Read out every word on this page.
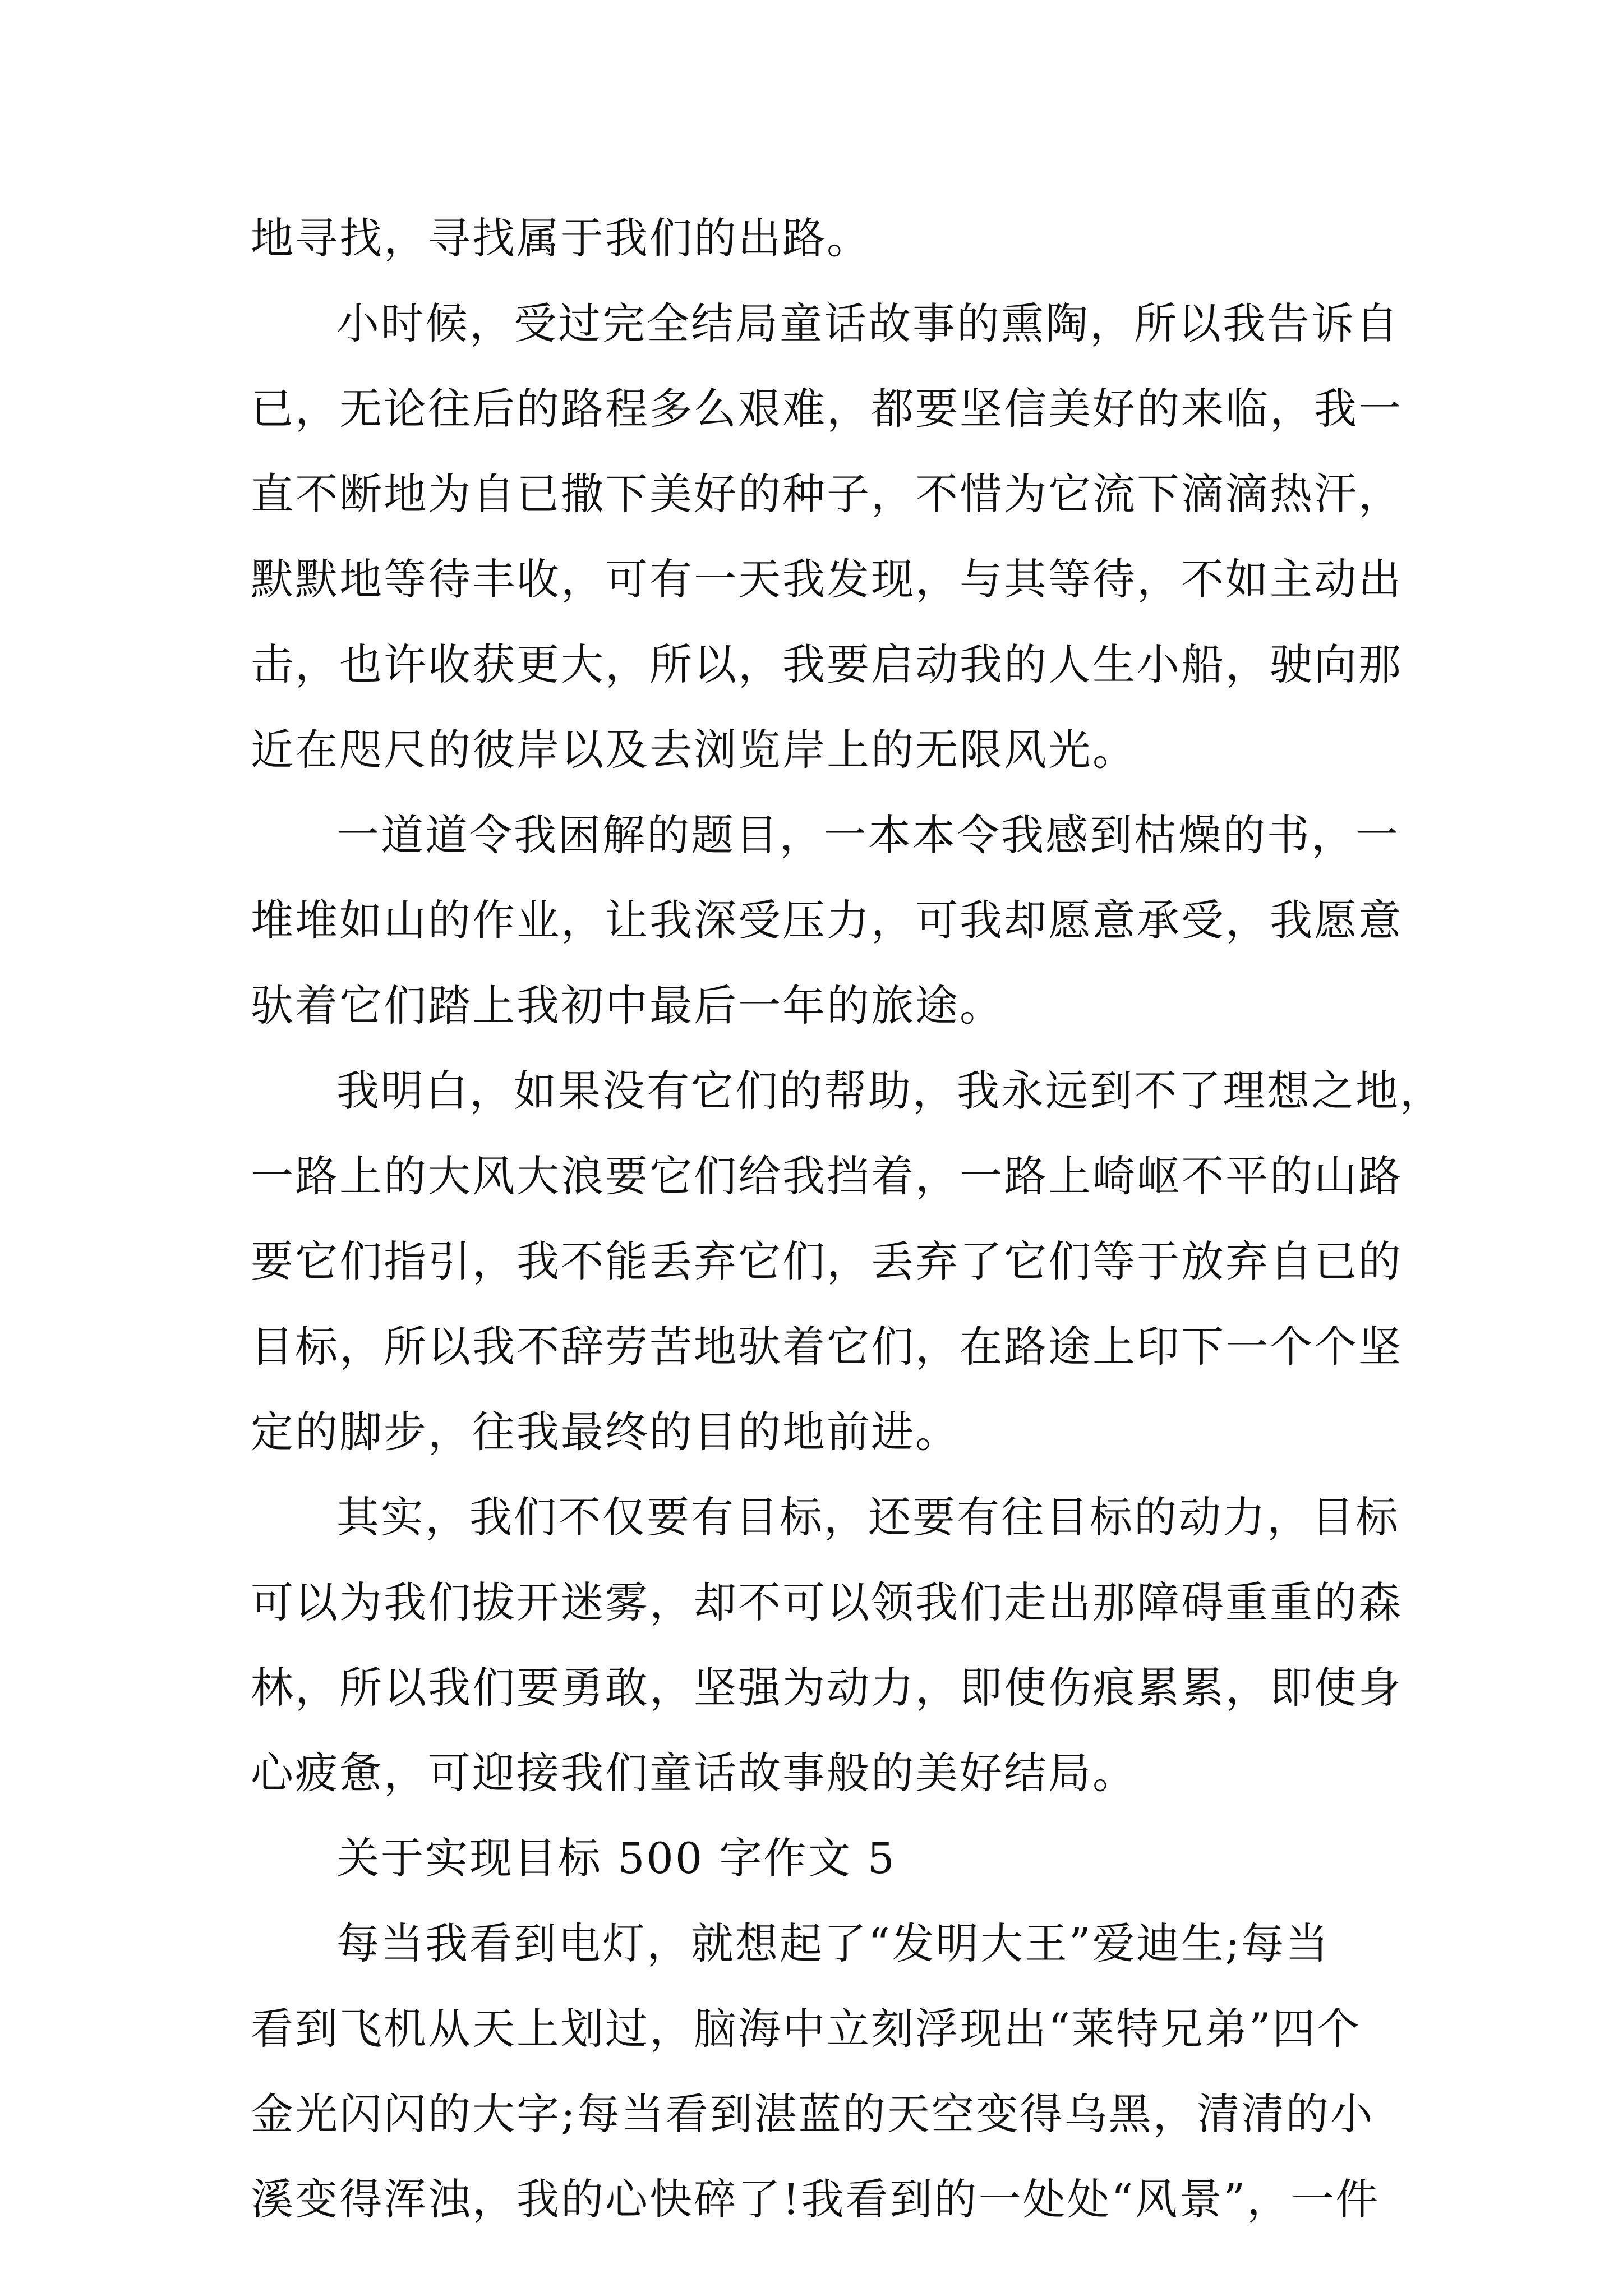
地寻找，寻找属于我们的出路。
小时候，受过完全结局童话故事的熏陶，所以我告诉自
已，无论往后的路程多么艰难，都要坚信美好的来临，我一
直不断地为自已撒下美好的种子，不惜为它流下滴滴热汗，
默默地等待丰收，可有一天我发现，与其等待，不如主动出
击，也许收获更大，所以，我要启动我的人生小船，驶向那
近在咫尺的彼岸以及去浏览岸上的无限风光。
一道道令我困解的题目，一本本令我感到枯燥的书，一
堆堆如山的作业，让我深受压力，可我却愿意承受，我愿意
驮着它们踏上我初中最后一年的旅途。
我明白，如果没有它们的帮助，我永远到不了理想之地，
一路上的大风大浪要它们给我挡着，一路上崎岖不平的山路
要它们指引，我不能丢弃它们，丢弃了它们等于放弃自已的
目标，所以我不辞劳苦地驮着它们，在路途上印下一个个坚
定的脚步，往我最终的目的地前进。
其实，我们不仅要有目标，还要有往目标的动力，目标
可以为我们拔开迷雾，却不可以领我们走出那障碍重重的森
林，所以我们要勇敢，坚强为动力，即使伤痕累累，即使身
心疲惫，可迎接我们童话故事般的美好结局。
关于实现目标 500 字作文 5
每当我看到电灯，就想起了“发明大王”爱迪生;每当
看到飞机从天上划过，脑海中立刻浮现出“莱特兄弟”四个
金光闪闪的大字;每当看到湛蓝的天空变得乌黑，清清的小
溪变得浑浊，我的心快碎了!我看到的一处处“风景”，一件
